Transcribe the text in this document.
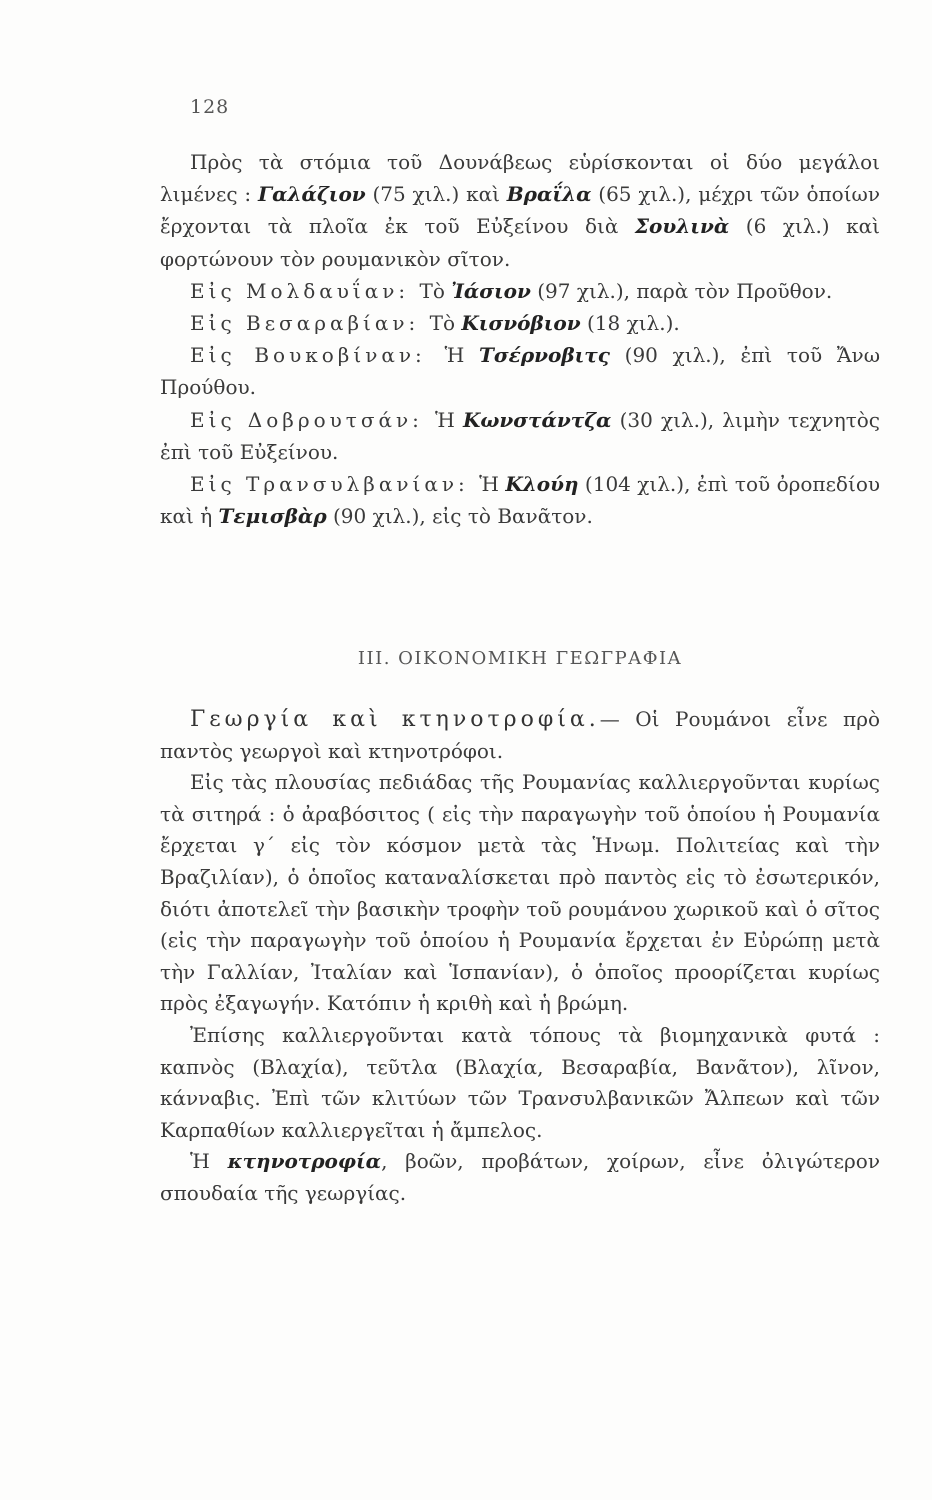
128

Πρὸς τὰ στόμια τοῦ Δουνάβεως εὑρίσκονται οἱ δύο μεγάλοι λιμένες : Γαλάζιον (75 χιλ.) καὶ Βραΐλα (65 χιλ.), μέχρι τῶν ὁποίων ἔρχονται τὰ πλοῖα ἐκ τοῦ Εὐξείνου διὰ Σουλινὰ (6 χιλ.) καὶ φορτώνουν τὸν ρουμανικὸν σῖτον.

Εἰς Μολδαυΐαν: Τὸ Ἰάσιον (97 χιλ.), παρὰ τὸν Προῦθον.

Εἰς Βεσαραβίαν: Τὸ Κισνόβιον (18 χιλ.).

Εἰς Βουκοβίναν: Ἡ Τσέρνοβιτς (90 χιλ.), ἐπὶ τοῦ Ἄνω Προύθου.

Εἰς Δοβρουτσάν: Ἡ Κωνστάντζα (30 χιλ.), λιμὴν τεχνητὸς ἐπὶ τοῦ Εὐξείνου.

Εἰς Τρανσυλβανίαν: Ἡ Κλούη (104 χιλ.), ἐπὶ τοῦ ὀροπεδίου καὶ ἡ Τεμισβὰρ (90 χιλ.), εἰς τὸ Βανᾶτον.

ΙΙΙ. ΟΙΚΟΝΟΜΙΚΗ ΓΕΩΓΡΑΦΙΑ

Γεωργία καὶ κτηνοτροφία.— Οἱ Ρουμάνοι εἶνε πρὸ παντὸς γεωργοὶ καὶ κτηνοτρόφοι.

Εἰς τὰς πλουσίας πεδιάδας τῆς Ρουμανίας καλλιεργοῦνται κυρίως τὰ σιτηρά : ὁ ἀραβόσιτος ( εἰς τὴν παραγωγὴν τοῦ ὁποίου ἡ Ρουμανία ἔρχεται γ΄ εἰς τὸν κόσμον μετὰ τὰς Ἡνωμ. Πολιτείας καὶ τὴν Βραζιλίαν), ὁ ὁποῖος καταναλίσκεται πρὸ παντὸς εἰς τὸ ἐσωτερικόν, διότι ἀποτελεῖ τὴν βασικὴν τροφὴν τοῦ ρουμάνου χωρικοῦ καὶ ὁ σῖτος (εἰς τὴν παραγωγὴν τοῦ ὁποίου ἡ Ρουμανία ἔρχεται ἐν Εὐρώπῃ μετὰ τὴν Γαλλίαν, Ἰταλίαν καὶ Ἱσπανίαν), ὁ ὁποῖος προορίζεται κυρίως πρὸς ἐξαγωγήν. Κατόπιν ἡ κριθὴ καὶ ἡ βρώμη.

Ἐπίσης καλλιεργοῦνται κατὰ τόπους τὰ βιομηχανικὰ φυτά : καπνὸς (Βλαχία), τεῦτλα (Βλαχία, Βεσαραβία, Βανᾶτον), λῖνον, κάνναβις. Ἐπὶ τῶν κλιτύων τῶν Τρανσυλβανικῶν Ἄλπεων καὶ τῶν Καρπαθίων καλλιεργεῖται ἡ ἄμπελος.

Ἡ κτηνοτροφία, βοῶν, προβάτων, χοίρων, εἶνε ὀλιγώτερον σπουδαία τῆς γεωργίας.
